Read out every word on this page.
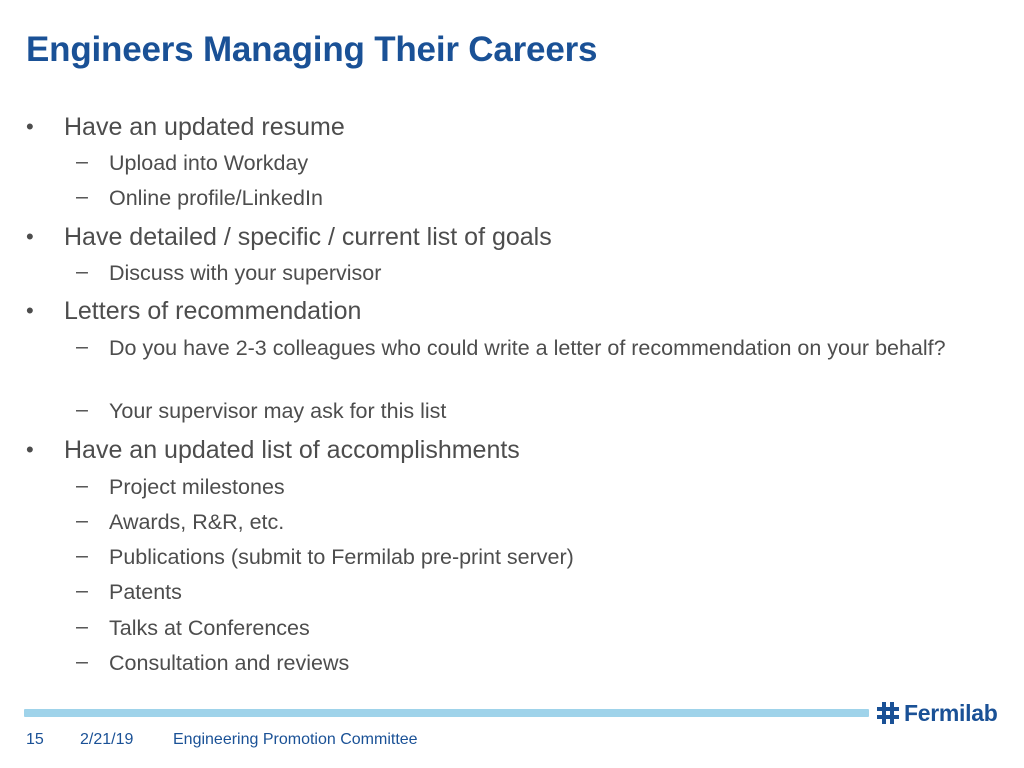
Engineers Managing Their Careers
• Have an updated resume
– Upload into Workday
– Online profile/LinkedIn
• Have detailed / specific / current list of goals
– Discuss with your supervisor
• Letters of recommendation
– Do you have 2-3 colleagues who could write a letter of recommendation on your behalf?
– Your supervisor may ask for this list
• Have an updated list of accomplishments
– Project milestones
– Awards, R&R, etc.
– Publications (submit to Fermilab pre-print server)
– Patents
– Talks at Conferences
– Consultation and reviews
Fermilab
15 2/21/19 Engineering Promotion Committee
